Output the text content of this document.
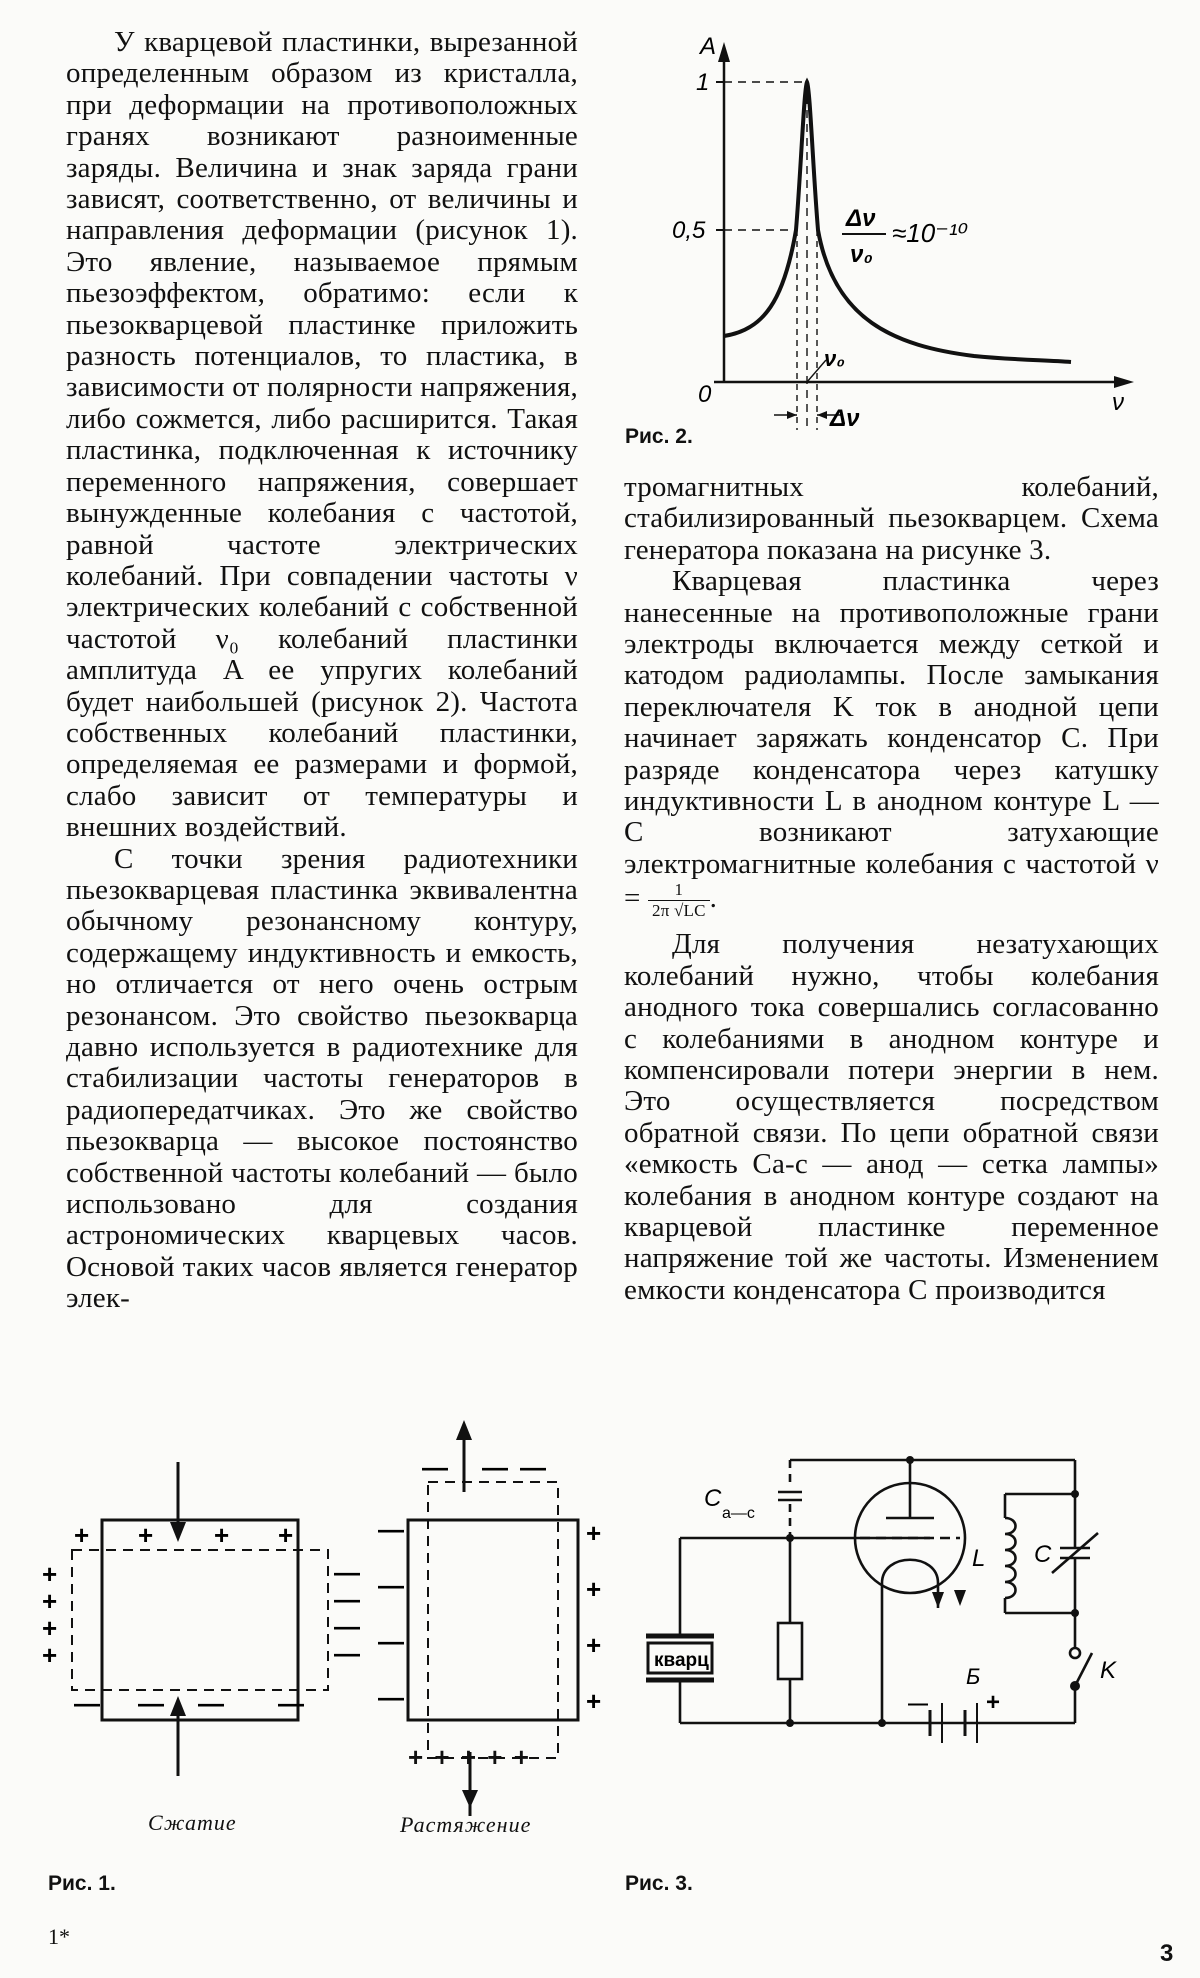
У кварцевой пластинки, вырезанной определенным образом из кристалла, при деформации на противоположных гранях возникают разноименные заряды. Величина и знак заряда грани зависят, соответственно, от величины и направления деформации (рисунок 1). Это явление, называемое прямым пьезоэффектом, обратимо: если к пьезокварцевой пластинке приложить разность потенциалов, то пластика, в зависимости от полярности напряжения, либо сожмется, либо расширится. Такая пластинка, подключенная к источнику переменного напряжения, совершает вынужденные колебания с частотой, равной частоте электрических колебаний. При совпадении частоты ν электрических колебаний с собственной частотой ν₀ колебаний пластинки амплитуда A ее упругих колебаний будет наибольшей (рисунок 2). Частота собственных колебаний пластинки, определяемая ее размерами и формой, слабо зависит от температуры и внешних воздействий.

С точки зрения радиотехники пьезокварцевая пластинка эквивалентна обычному резонансному контуру, содержащему индуктивность и емкость, но отличается от него очень острым резонансом. Это свойство пьезокварца давно используется в радиотехнике для стабилизации частоты генераторов в радиопередатчиках. Это же свойство пьезокварца — высокое постоянство собственной частоты колебаний — было использовано для создания астрономических кварцевых часов. Основой таких часов является генератор элек-

A
ν
0
1
0,5
ν₀
Δν
Δν
ν₀
≈10⁻¹⁰
Рис. 2.

тромагнитных колебаний, стабилизированный пьезокварцем. Схема генератора показана на рисунке 3.

Кварцевая пластинка через нанесенные на противоположные грани электроды включается между сеткой и катодом радиолампы. После замыкания переключателя K ток в анодной цепи начинает заряжать конденсатор C. При разряде конденсатора через катушку индуктивности L в анодном контуре L — C возникают затухающие электромагнитные колебания с частотой $\nu = \frac{1}{2\pi √LC}$ .

Для получения незатухающих колебаний нужно, чтобы колебания анодного тока совершались согласованно с колебаниями в анодном контуре и компенсировали потери энергии в нем. Это осуществляется посредством обратной связи. По цепи обратной связи «емкость Cа-с — анод — сетка лампы» колебания в анодном контуре создают на кварцевой пластинке переменное напряжение той же частоты. Изменением емкости конденсатора C производится

+ + + +
+
+
+
+
—
—
—
—
— — — —
— — —
—
—
—
—
+
+
+
+
+ + + + +
Сжатие	Растяжение
Рис. 1.
кварц
C
а—с
L C
K
Б
— +
Рис. 3.
1*
3
